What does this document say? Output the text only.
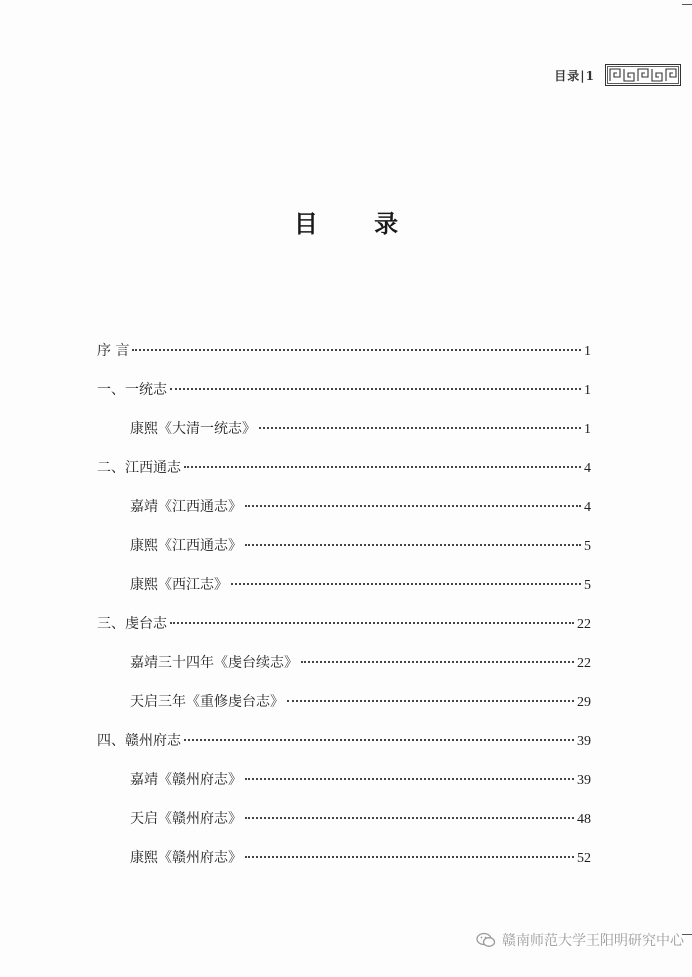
目录|1
目 录
序 言	1
一、一统志	1
康熙《大清一统志》	1
二、江西通志	4
嘉靖《江西通志》	4
康熙《江西通志》	5
康熙《西江志》	5
三、虔台志	22
嘉靖三十四年《虔台续志》	22
天启三年《重修虔台志》	29
四、赣州府志	39
嘉靖《赣州府志》	39
天启《赣州府志》	48
康熙《赣州府志》	52
赣南师范大学王阳明研究中心
